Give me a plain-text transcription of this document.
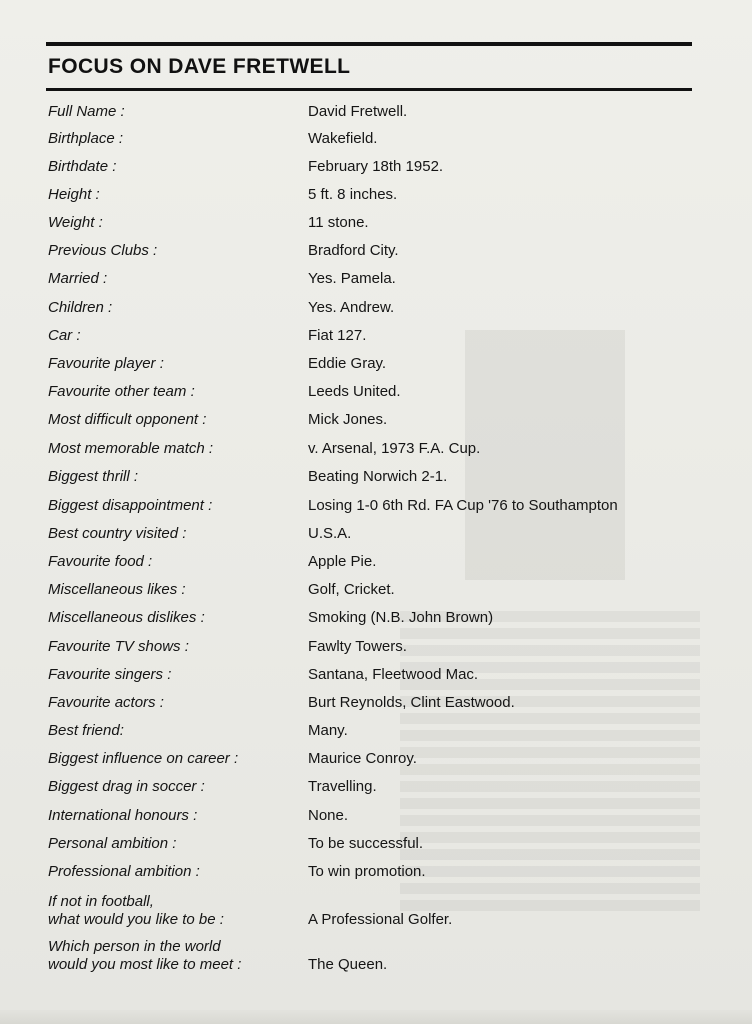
FOCUS ON DAVE FRETWELL
Full Name :	David Fretwell.
Birthplace :	Wakefield.
Birthdate :	February 18th 1952.
Height :	5 ft. 8 inches.
Weight :	11 stone.
Previous Clubs :	Bradford City.
Married :	Yes. Pamela.
Children :	Yes. Andrew.
Car :	Fiat 127.
Favourite player :	Eddie Gray.
Favourite other team :	Leeds United.
Most difficult opponent :	Mick Jones.
Most memorable match :	v. Arsenal, 1973 F.A. Cup.
Biggest thrill :	Beating Norwich 2-1.
Biggest disappointment :	Losing 1-0 6th Rd. FA Cup '76 to Southampton
Best country visited :	U.S.A.
Favourite food :	Apple Pie.
Miscellaneous likes :	Golf, Cricket.
Miscellaneous dislikes :	Smoking (N.B. John Brown)
Favourite TV shows :	Fawlty Towers.
Favourite singers :	Santana, Fleetwood Mac.
Favourite actors :	Burt Reynolds, Clint Eastwood.
Best friend:	Many.
Biggest influence on career :	Maurice Conroy.
Biggest drag in soccer :	Travelling.
International honours :	None.
Personal ambition :	To be successful.
Professional ambition :	To win promotion.
If not in football,
what would you like to be :	A Professional Golfer.
Which person in the world
would you most like to meet :	The Queen.
